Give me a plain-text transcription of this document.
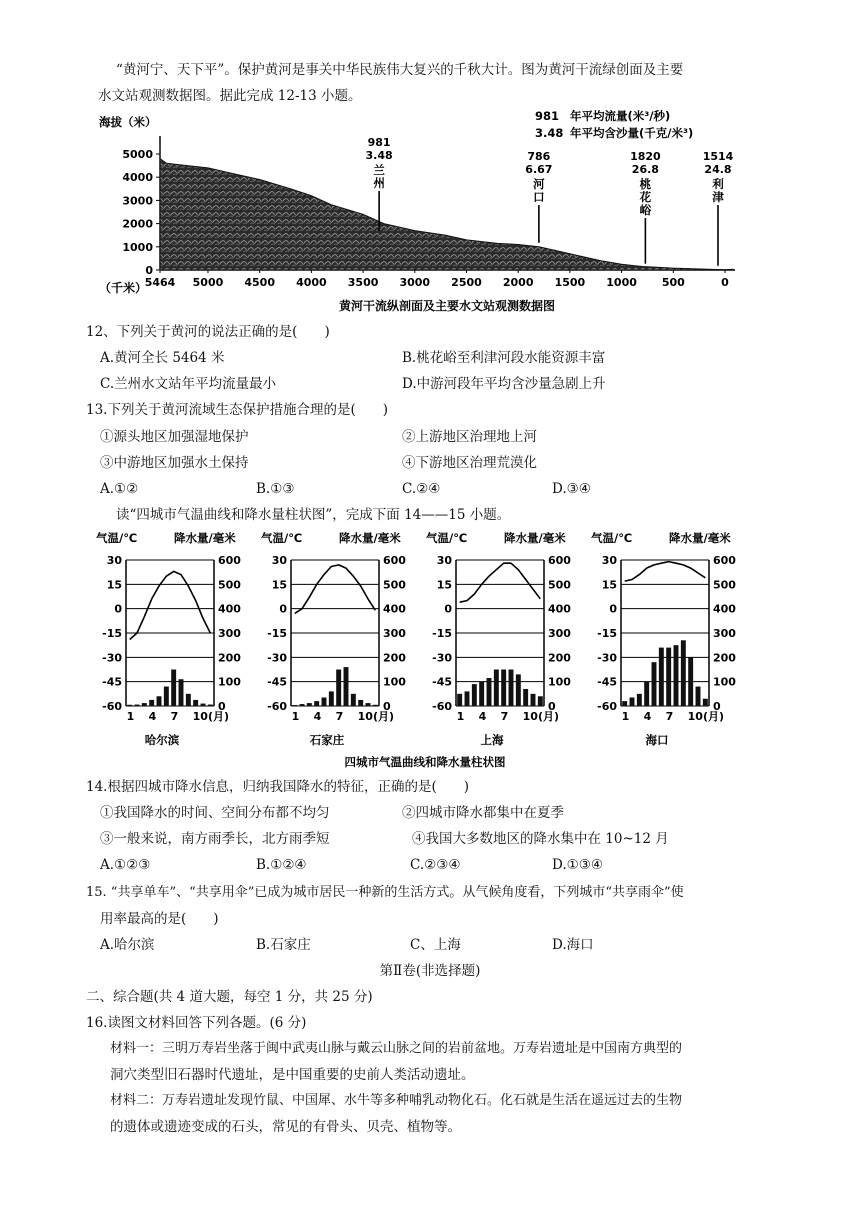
“黄河宁、天下平”。保护黄河是事关中华民族伟大复兴的千秋大计。图为黄河干流绿创面及主要
水文站观测数据图。据此完成 12-13 小题。
海拔（米）
5000
4000
3000
2000
1000
0
5464 5000 4500 4000 3500 3000 2500 2000 1500 1000 500	0
981
3.48
兰
州
786
6.67
河
口
1820
26.8
桃
花
峪
1514
24.8
利
津
（千米）
黄河干流纵剖面及主要水文站观测数据图
981 年平均流量(米³/秒)
3.48 年平均含沙量(千克/米³)
12、下列关于黄河的说法正确的是(　　)
A.黄河全长 5464 米	B.桃花峪至利津河段水能资源丰富
C.兰州水文站年平均流量最小	D.中游河段年平均含沙量急剧上升
13.下列关于黄河流域生态保护措施合理的是(　　)
①源头地区加强湿地保护	②上游地区治理地上河
③中游地区加强水土保持	④下游地区治理荒漠化
A.①②	B.①③	C.②④	D.③④
读“四城市气温曲线和降水量柱状图”，完成下面 14——15 小题。
气温/℃	降水量/毫米
30	600
15	500
0	400
-15	300
-30	200
-45	100
-60	0
1 4 7 10(月)
哈尔滨
气温/℃	降水量/毫米
30	600
15	500
0	400
-15	300
-30	200
-45	100
-60	0
1 4 7 10(月)
石家庄
气温/℃	降水量/毫米
30	600
15	500
0	400
-15	300
-30	200
-45	100
-60	0
1 4 7 10(月)
上海
气温/℃	降水量/毫米
30	600
15	500
0	400
-15	300
-30	200
-45	100
-60	0
1 4 7 10(月)
海口
四城市气温曲线和降水量柱状图
14.根据四城市降水信息，归纳我国降水的特征，正确的是(　　)
①我国降水的时间、空间分布都不均匀	②四城市降水都集中在夏季
③一般来说，南方雨季长，北方雨季短	④我国大多数地区的降水集中在 10~12 月
A.①②③	B.①②④	C.②③④	D.①③④
15. “共享单车”、“共享用伞”已成为城市居民一种新的生活方式。从气候角度看，下列城市“共享雨伞”使
用率最高的是(　　)
A.哈尔滨	B.石家庄	C、上海	D.海口
第Ⅱ卷(非选择题)
二、综合题(共 4 道大题，每空 1 分，共 25 分)
16.读图文材料回答下列各题。(6 分)
材料一：三明万寿岩坐落于闽中武夷山脉与戴云山脉之间的岩前盆地。万寿岩遗址是中国南方典型的
洞穴类型旧石器时代遗址，是中国重要的史前人类活动遗址。
材料二：万寿岩遗址发现竹鼠、中国犀、水牛等多种哺乳动物化石。化石就是生活在遥远过去的生物
的遗体或遗迹变成的石头，常见的有骨头、贝壳、植物等。
